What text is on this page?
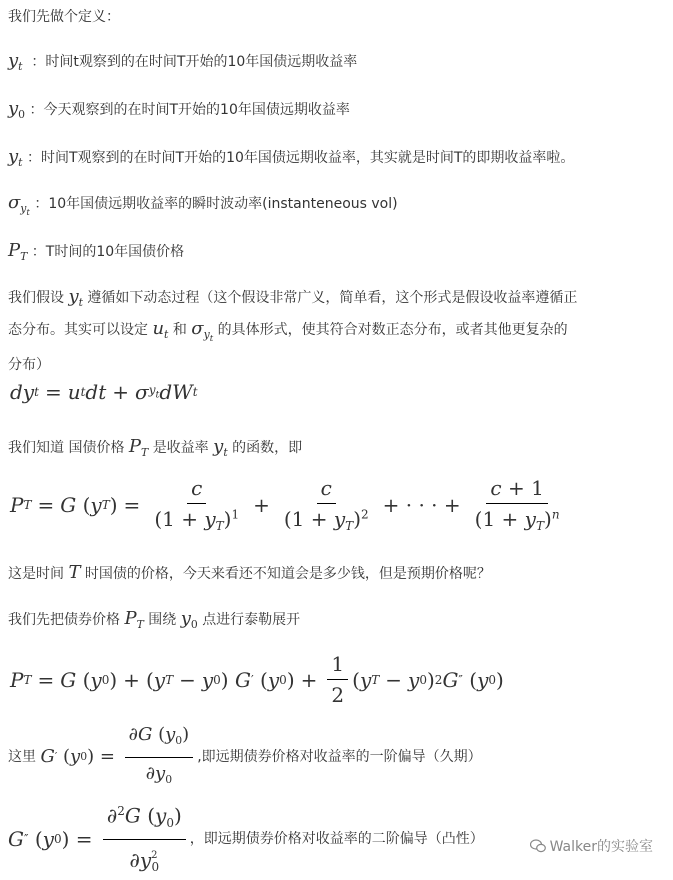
我们先做个定义：
$y_t$ ：时间t观察到的在时间T开始的10年国债远期收益率
$y_0$ ：今天观察到的在时间T开始的10年国债远期收益率
$y_t$ ：时间T观察到的在时间T开始的10年国债远期收益率，其实就是时间T的即期收益率啦。
$\sigma_{y_t}$ ：10年国债远期收益率的瞬时波动率(instanteneous vol)
$P_T$ ：T时间的10年国债价格
我们假设 $y_t$ 遵循如下动态过程（这个假设非常广义，简单看，这个形式是假设收益率遵循正
态分布。其实可以设定 $u_t$ 和 $\sigma_{y_t}$ 的具体形式，使其符合对数正态分布，或者其他更复杂的
分布）
dy t = u t dt + σ $y_t$ dW t
我们知道 国债价格 $P_T$ 是收益率 $y_t$ 的函数，即
P T = G ( y T ) = $\frac{c}{(1 + y_T)^1} + \frac{c}{(1 + y_T)^2}$ + · · · + $\frac{c + 1}{(1 + y_T)^n}$
这是时间 T 时国债的价格，今天来看还不知道会是多少钱，但是预期价格呢？
我们先把债券价格 $P_T$ 围绕 $y_0$ 点进行泰勒展开
P T = G ( y 0 ) + ( y T − y 0 ) G ′ ( y 0 ) + $\frac{1}{2}$ ( y T − y 0 ) 2 G ″ ( y 0 )
这里
G ′ ( y 0 ) = $\frac{\partial G (y_0)}{\partial y_0}$ ,即远期债券价格对收益率的一阶偏导（久期）
G ″ ( y 0 ) = $\frac{\partial^2G (y_0)}{\partial y^2_0}$ ，即远期债券价格对收益率的二阶偏导（凸性）	Walker的实验室
